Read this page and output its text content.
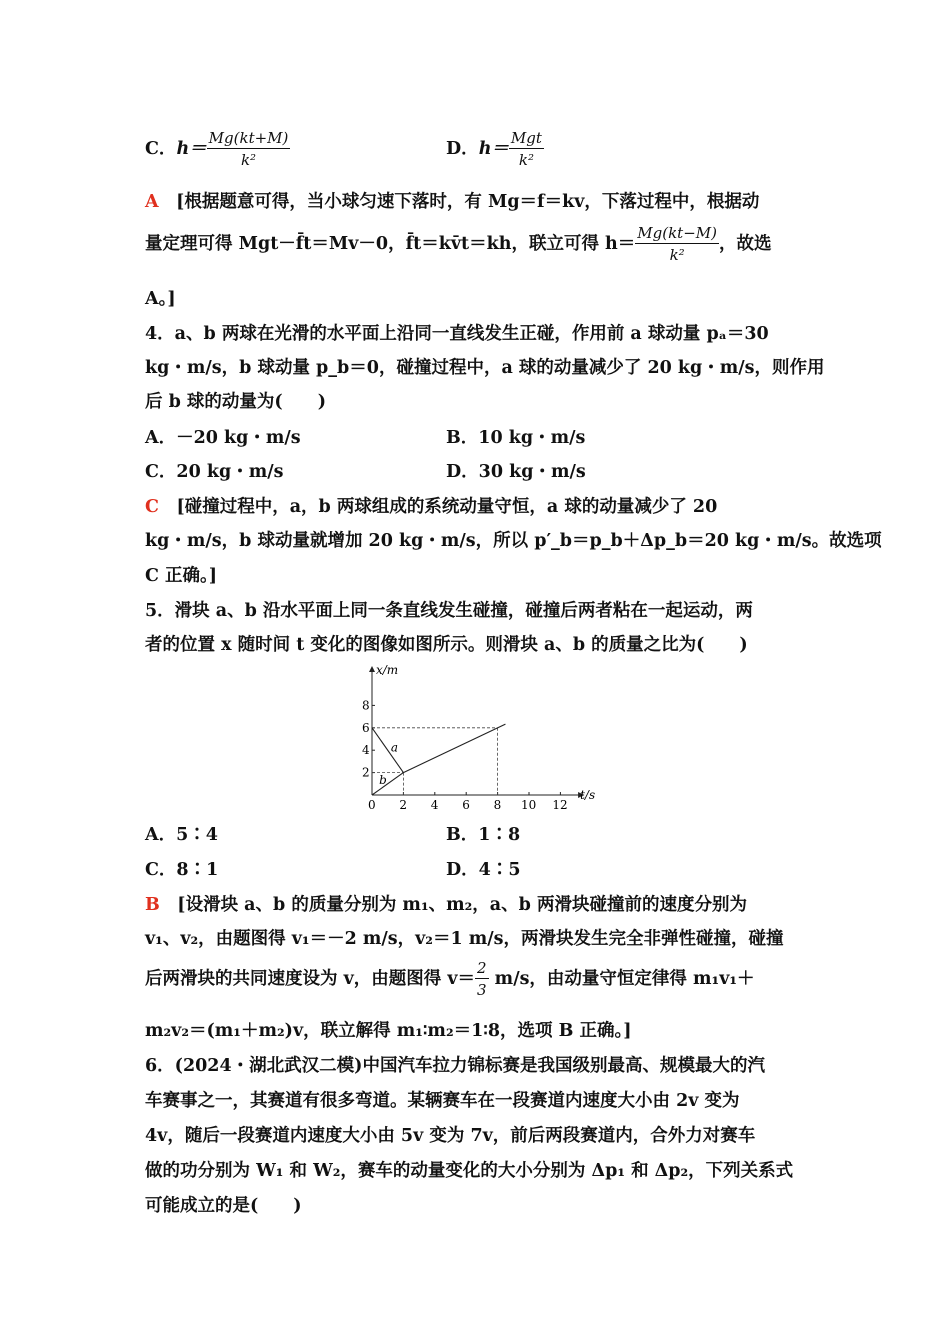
C．$h= \frac{Mg(kt+M)}{\text{k²}}$	D．$h= \frac{\text{Mgt}}{\text{k²}}$
A　 [根据题意可得，当小球匀速下落时，有 Mg＝f＝kv，下落过程中，根据动
量定理可得 Mgt－f̄t＝Mv－0，f̄t＝kv̄t＝kh，联立可得 $h= \frac{Mg(kt-M)}{\text{k²}}$ ，故选
A。]
4．a、b 两球在光滑的水平面上沿同一直线发生正碰，作用前 a 球动量 pₐ＝30
kg・m/s，b 球动量 p_b＝0，碰撞过程中，a 球的动量减少了 20 kg・m/s，则作用
后 b 球的动量为(　　)
A．－20 kg・m/s	B．10 kg・m/s
C．20 kg・m/s	D．30 kg・m/s
C　 [碰撞过程中，a，b 两球组成的系统动量守恒，a 球的动量减少了 20
kg・m/s，b 球动量就增加 20 kg・m/s，所以 p′_b＝p_b＋Δp_b＝20 kg・m/s。故选项
C 正确。]
5．滑块 a、b 沿水平面上同一条直线发生碰撞，碰撞后两者粘在一起运动，两
者的位置 x 随时间 t 变化的图像如图所示。则滑块 a、b 的质量之比为(　　)
x/m
t/s
0 2 4 6 8 10 12
2
4
6
8
a
b
A．5∶4	B．1∶8
C．8∶1	D．4∶5
B　 [设滑块 a、b 的质量分别为 m₁、m₂，a、b 两滑块碰撞前的速度分别为
v₁、v₂，由题图得 v₁＝－2 m/s，v₂＝1 m/s，两滑块发生完全非弹性碰撞，碰撞
后两滑块的共同速度设为 v，由题图得 $v= \frac{2}{3} m/s$，由动量守恒定律得 m₁v₁＋
m₂v₂＝(m₁＋m₂)v，联立解得 m₁∶m₂＝1∶8，选项 B 正确。]
6．(2024・湖北武汉二模)中国汽车拉力锦标赛是我国级别最高、规模最大的汽
车赛事之一，其赛道有很多弯道。某辆赛车在一段赛道内速度大小由 2v 变为
4v，随后一段赛道内速度大小由 5v 变为 7v，前后两段赛道内，合外力对赛车
做的功分别为 W₁ 和 W₂，赛车的动量变化的大小分别为 Δp₁ 和 Δp₂，下列关系式
可能成立的是(　　)
